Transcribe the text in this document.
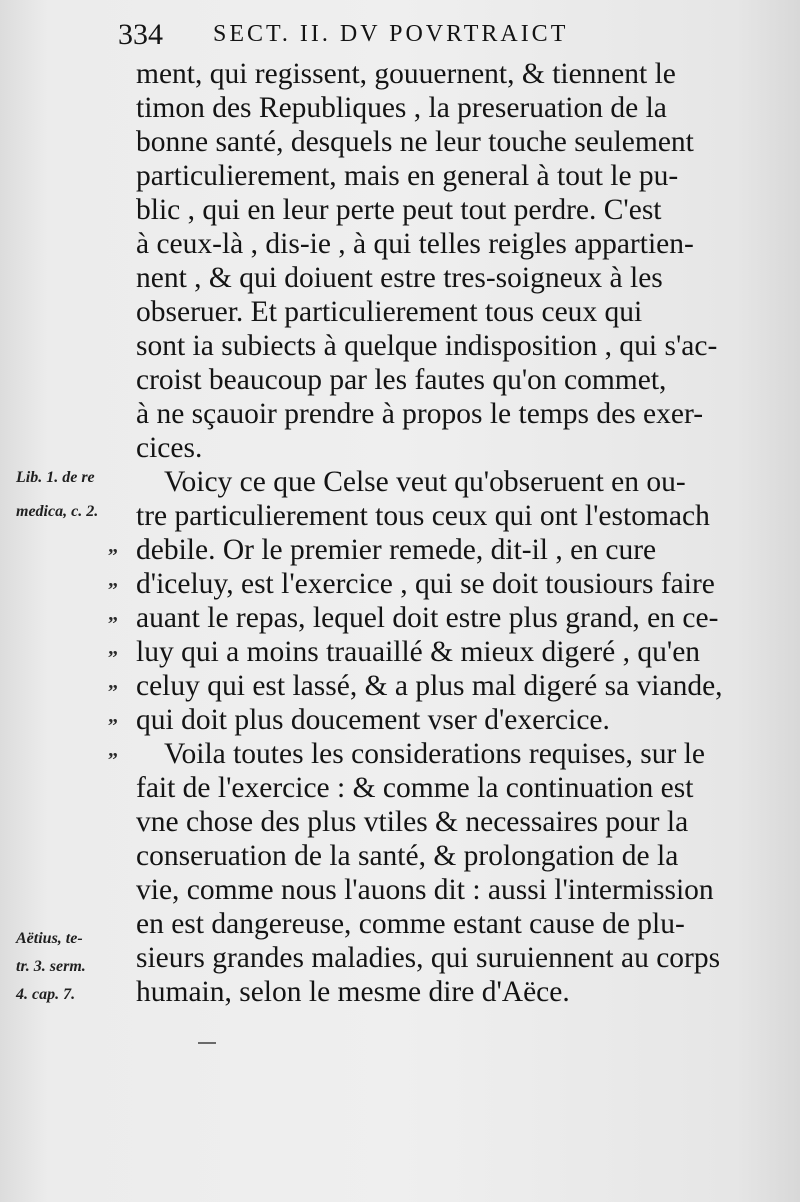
334 SECT. II. DV POVRTRAICT
ment, qui regissent, gouuernent, & tiennent le
timon des Republiques , la preseruation de la
bonne santé, desquels ne leur touche seulement
particulierement, mais en general à tout le pu-
blic , qui en leur perte peut tout perdre. C'est
à ceux-là , dis-ie , à qui telles reigles appartien-
nent , & qui doiuent estre tres-soigneux à les
obseruer. Et particulierement tous ceux qui
sont ia subiects à quelque indisposition , qui s'ac-
croist beaucoup par les fautes qu'on commet,
à ne sçauoir prendre à propos le temps des exer-
cices.
Voicy ce que Celse veut qu'obseruent en ou-
tre particulierement tous ceux qui ont l'estomach
debile. Or le premier remede, dit-il , en cure
d'iceluy, est l'exercice , qui se doit tousiours faire
auant le repas, lequel doit estre plus grand, en ce-
luy qui a moins trauaillé & mieux digeré , qu'en
celuy qui est lassé, & a plus mal digeré sa viande,
qui doit plus doucement vser d'exercice.
Voila toutes les considerations requises, sur le
fait de l'exercice : & comme la continuation est
vne chose des plus vtiles & necessaires pour la
conseruation de la santé, & prolongation de la
vie, comme nous l'auons dit : aussi l'intermission
en est dangereuse, comme estant cause de plu-
sieurs grandes maladies, qui suruiennent au corps
humain, selon le mesme dire d'Aëce.
Lib. 1. de re
medica, c. 2.
„
„
„
„
„
„
„
Aëtius, te-
tr. 3. serm.
4. cap. 7.
